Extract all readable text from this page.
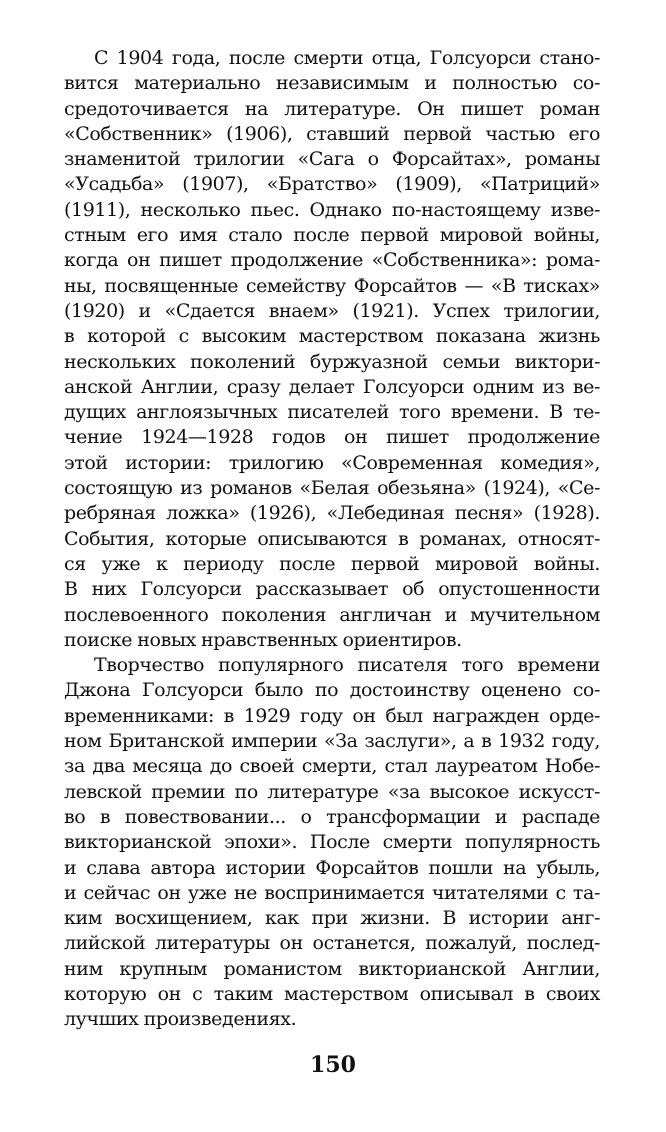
С 1904 года, после смерти отца, Голсуорси стано-
вится материально независимым и полностью со-
средоточивается на литературе. Он пишет роман
«Собственник» (1906), ставший первой частью его
знаменитой трилогии «Сага о Форсайтах», романы
«Усадьба» (1907), «Братство» (1909), «Патриций»
(1911), несколько пьес. Однако по-настоящему изве-
стным его имя стало после первой мировой войны,
когда он пишет продолжение «Собственника»: рома-
ны, посвященные семейству Форсайтов — «В тисках»
(1920) и «Сдается внаем» (1921). Успех трилогии,
в которой с высоким мастерством показана жизнь
нескольких поколений буржуазной семьи виктори-
анской Англии, сразу делает Голсуорси одним из ве-
дущих англоязычных писателей того времени. В те-
чение 1924—1928 годов он пишет продолжение
этой истории: трилогию «Современная комедия»,
состоящую из романов «Белая обезьяна» (1924), «Се-
ребряная ложка» (1926), «Лебединая песня» (1928).
События, которые описываются в романах, относят-
ся уже к периоду после первой мировой войны.
В них Голсуорси рассказывает об опустошенности
послевоенного поколения англичан и мучительном
поиске новых нравственных ориентиров.
Творчество популярного писателя того времени
Джона Голсуорси было по достоинству оценено со-
временниками: в 1929 году он был награжден орде-
ном Британской империи «За заслуги», а в 1932 году,
за два месяца до своей смерти, стал лауреатом Нобе-
левской премии по литературе «за высокое искусст-
во в повествовании... о трансформации и распаде
викторианской эпохи». После смерти популярность
и слава автора истории Форсайтов пошли на убыль,
и сейчас он уже не воспринимается читателями с та-
ким восхищением, как при жизни. В истории анг-
лийской литературы он останется, пожалуй, послед-
ним крупным романистом викторианской Англии,
которую он с таким мастерством описывал в своих
лучших произведениях.
150
